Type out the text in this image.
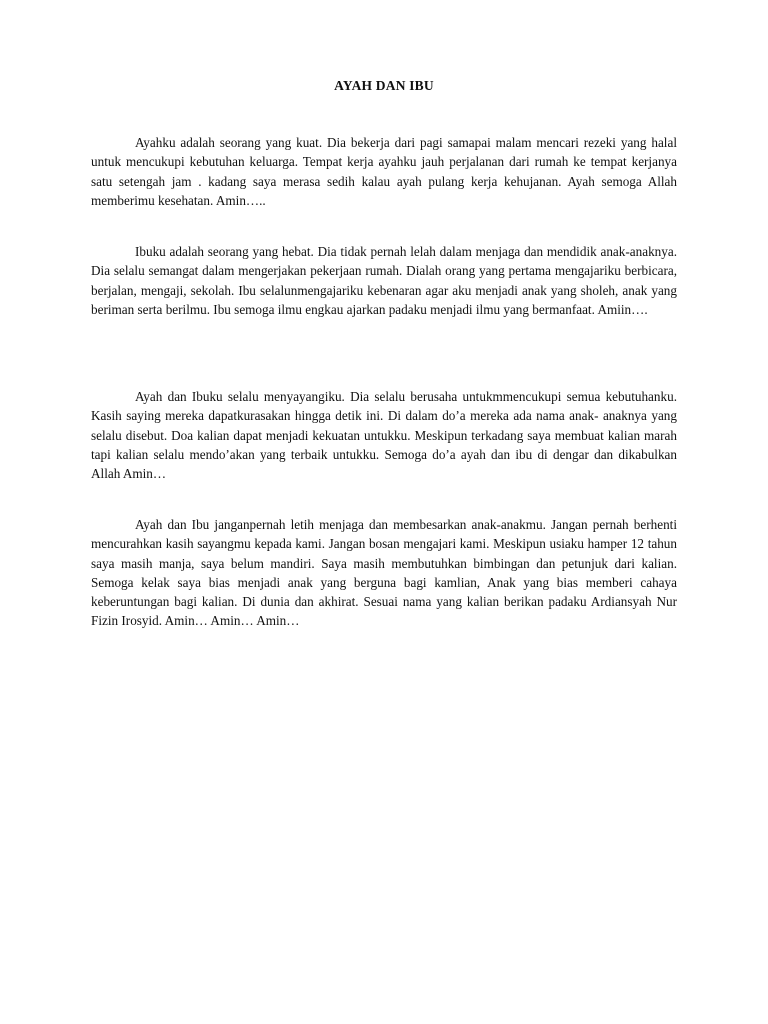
AYAH DAN IBU

Ayahku adalah seorang yang kuat. Dia bekerja dari pagi samapai malam mencari rezeki yang halal untuk mencukupi kebutuhan keluarga. Tempat kerja ayahku jauh perjalanan dari rumah ke tempat kerjanya satu setengah jam . kadang saya merasa sedih kalau ayah pulang kerja kehujanan. Ayah semoga Allah memberimu kesehatan. Amin…..

Ibuku adalah seorang yang hebat. Dia tidak pernah lelah dalam menjaga dan mendidik anak-anaknya. Dia selalu semangat dalam mengerjakan pekerjaan rumah. Dialah orang yang pertama mengajariku berbicara, berjalan, mengaji, sekolah. Ibu selalunmengajariku kebenaran agar aku menjadi anak yang sholeh, anak yang beriman serta berilmu. Ibu semoga ilmu engkau ajarkan padaku menjadi ilmu yang bermanfaat. Amiin….

Ayah dan Ibuku selalu menyayangiku. Dia selalu berusaha untukmmencukupi semua kebutuhanku. Kasih saying mereka dapatkurasakan hingga detik ini. Di dalam do’a mereka ada nama anak- anaknya yang selalu disebut. Doa kalian dapat menjadi kekuatan untukku. Meskipun terkadang saya membuat kalian marah tapi kalian selalu mendo’akan yang terbaik untukku. Semoga do’a ayah dan ibu di dengar dan dikabulkan Allah Amin…

Ayah dan Ibu janganpernah letih menjaga dan membesarkan anak-anakmu. Jangan pernah berhenti mencurahkan kasih sayangmu kepada kami. Jangan bosan mengajari kami. Meskipun usiaku hamper 12 tahun saya masih manja, saya belum mandiri. Saya masih membutuhkan bimbingan dan petunjuk dari kalian. Semoga kelak saya bias menjadi anak yang berguna bagi kamlian, Anak yang bias memberi cahaya keberuntungan bagi kalian. Di dunia dan akhirat. Sesuai nama yang kalian berikan padaku Ardiansyah Nur Fizin Irosyid. Amin… Amin… Amin…
